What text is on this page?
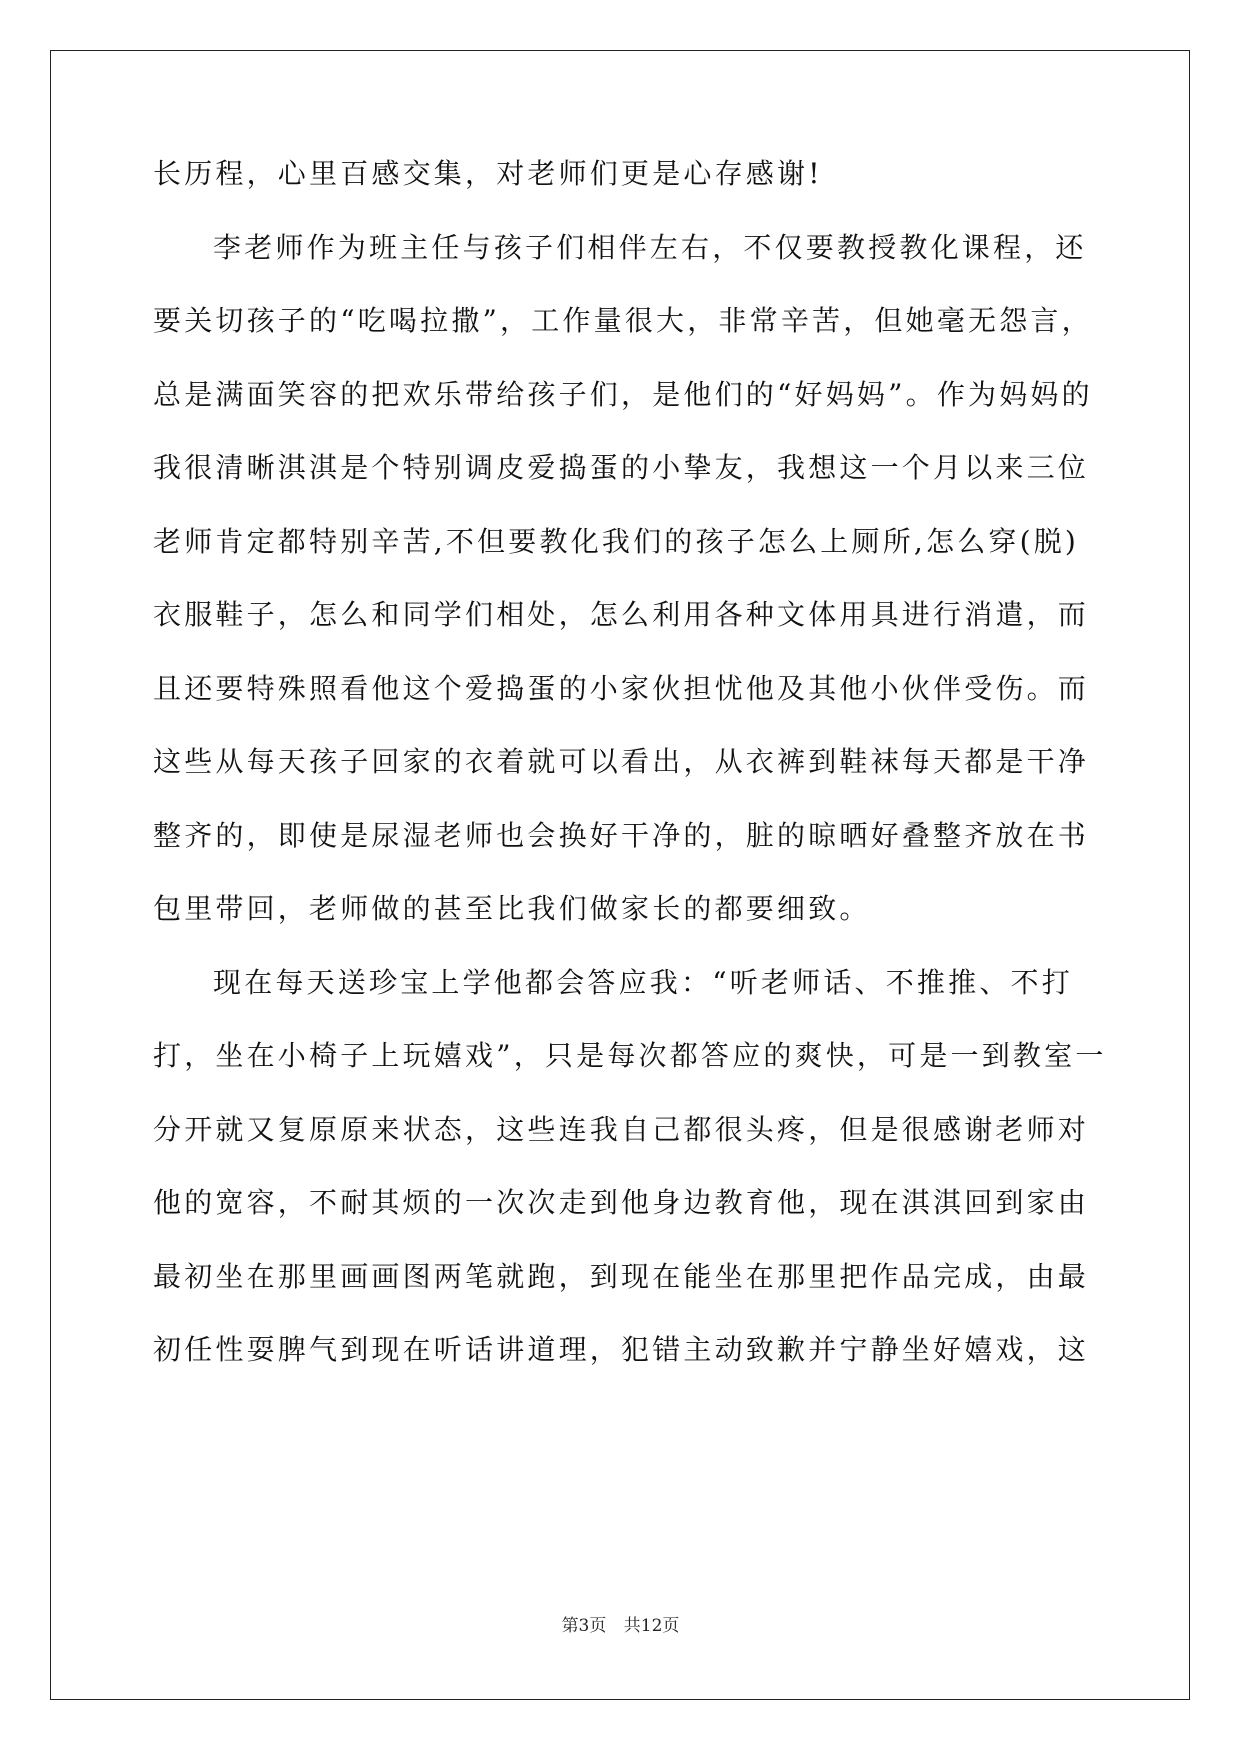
长历程，心里百感交集，对老师们更是心存感谢!
李老师作为班主任与孩子们相伴左右，不仅要教授教化课程，还
要关切孩子的“吃喝拉撒”，工作量很大，非常辛苦，但她毫无怨言，
总是满面笑容的把欢乐带给孩子们，是他们的“好妈妈”。作为妈妈的
我很清晰淇淇是个特别调皮爱捣蛋的小挚友，我想这一个月以来三位
老师肯定都特别辛苦,不但要教化我们的孩子怎么上厕所,怎么穿(脱)
衣服鞋子，怎么和同学们相处，怎么利用各种文体用具进行消遣，而
且还要特殊照看他这个爱捣蛋的小家伙担忧他及其他小伙伴受伤。而
这些从每天孩子回家的衣着就可以看出，从衣裤到鞋袜每天都是干净
整齐的，即使是尿湿老师也会换好干净的，脏的晾晒好叠整齐放在书
包里带回，老师做的甚至比我们做家长的都要细致。
现在每天送珍宝上学他都会答应我：“听老师话、不推推、不打
打，坐在小椅子上玩嬉戏”，只是每次都答应的爽快，可是一到教室一
分开就又复原原来状态，这些连我自己都很头疼，但是很感谢老师对
他的宽容，不耐其烦的一次次走到他身边教育他，现在淇淇回到家由
最初坐在那里画画图两笔就跑，到现在能坐在那里把作品完成，由最
初任性耍脾气到现在听话讲道理，犯错主动致歉并宁静坐好嬉戏，这
第3页 共12页
